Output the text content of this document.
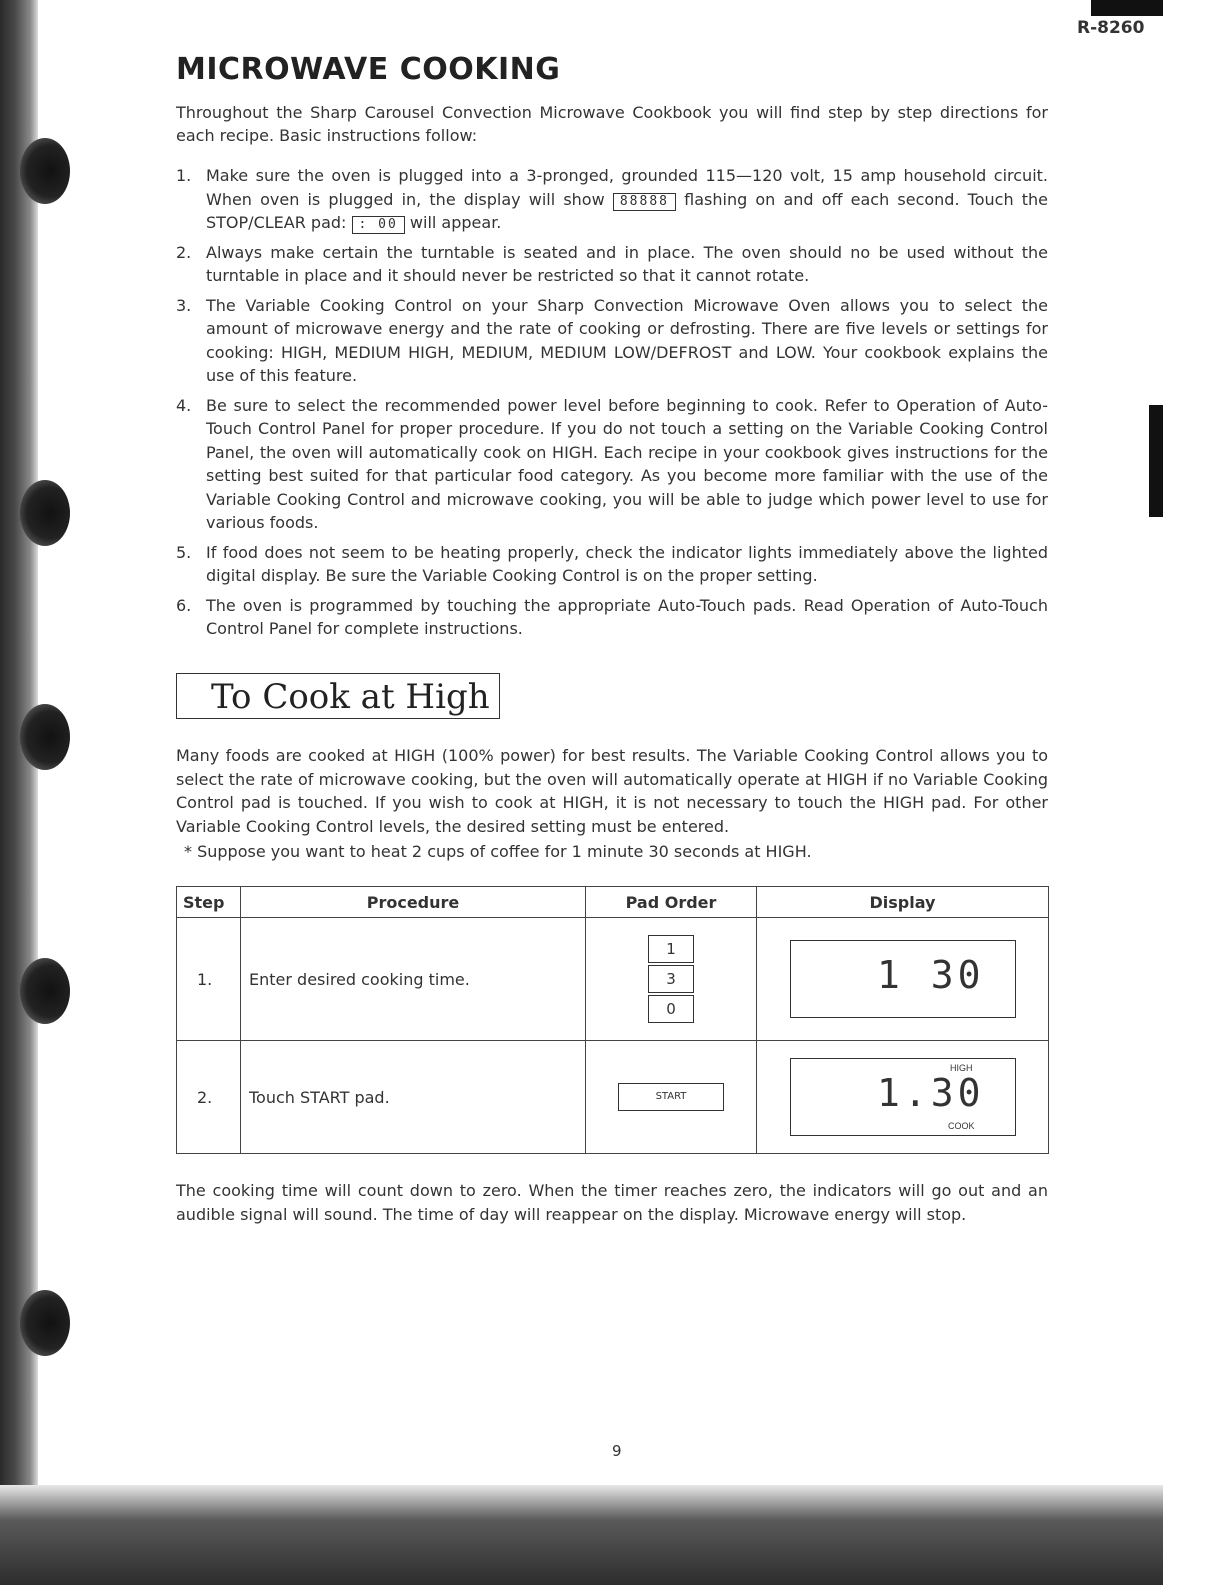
R-8260
MICROWAVE COOKING
Throughout the Sharp Carousel Convection Microwave Cookbook you will find step by step directions for each recipe. Basic instructions follow:
1. Make sure the oven is plugged into a 3-pronged, grounded 115—120 volt, 15 amp household circuit. When oven is plugged in, the display will show 88888 flashing on and off each second. Touch the STOP/CLEAR pad: : 00 will appear.
2. Always make certain the turntable is seated and in place. The oven should no be used without the turntable in place and it should never be restricted so that it cannot rotate.
3. The Variable Cooking Control on your Sharp Convection Microwave Oven allows you to select the amount of microwave energy and the rate of cooking or defrosting. There are five levels or settings for cooking: HIGH, MEDIUM HIGH, MEDIUM, MEDIUM LOW/DEFROST and LOW. Your cookbook explains the use of this feature.
4. Be sure to select the recommended power level before beginning to cook. Refer to Operation of Auto-Touch Control Panel for proper procedure. If you do not touch a setting on the Variable Cooking Control Panel, the oven will automatically cook on HIGH. Each recipe in your cookbook gives instructions for the setting best suited for that particular food category. As you become more familiar with the use of the Variable Cooking Control and microwave cooking, you will be able to judge which power level to use for various foods.
5. If food does not seem to be heating properly, check the indicator lights immediately above the lighted digital display. Be sure the Variable Cooking Control is on the proper setting.
6. The oven is programmed by touching the appropriate Auto-Touch pads. Read Operation of Auto-Touch Control Panel for complete instructions.
To Cook at High
Many foods are cooked at HIGH (100% power) for best results. The Variable Cooking Control allows you to select the rate of microwave cooking, but the oven will automatically operate at HIGH if no Variable Cooking Control pad is touched. If you wish to cook at HIGH, it is not necessary to touch the HIGH pad. For other Variable Cooking Control levels, the desired setting must be entered.
* Suppose you want to heat 2 cups of coffee for 1 minute 30 seconds at HIGH.
Step	Procedure	Pad Order	Display
1.	Enter desired cooking time.	1
3
0	1 30

2.	Touch START pad.	START	HIGH
1.30
COOK
The cooking time will count down to zero. When the timer reaches zero, the indicators will go out and an audible signal will sound. The time of day will reappear on the display. Microwave energy will stop.
9
